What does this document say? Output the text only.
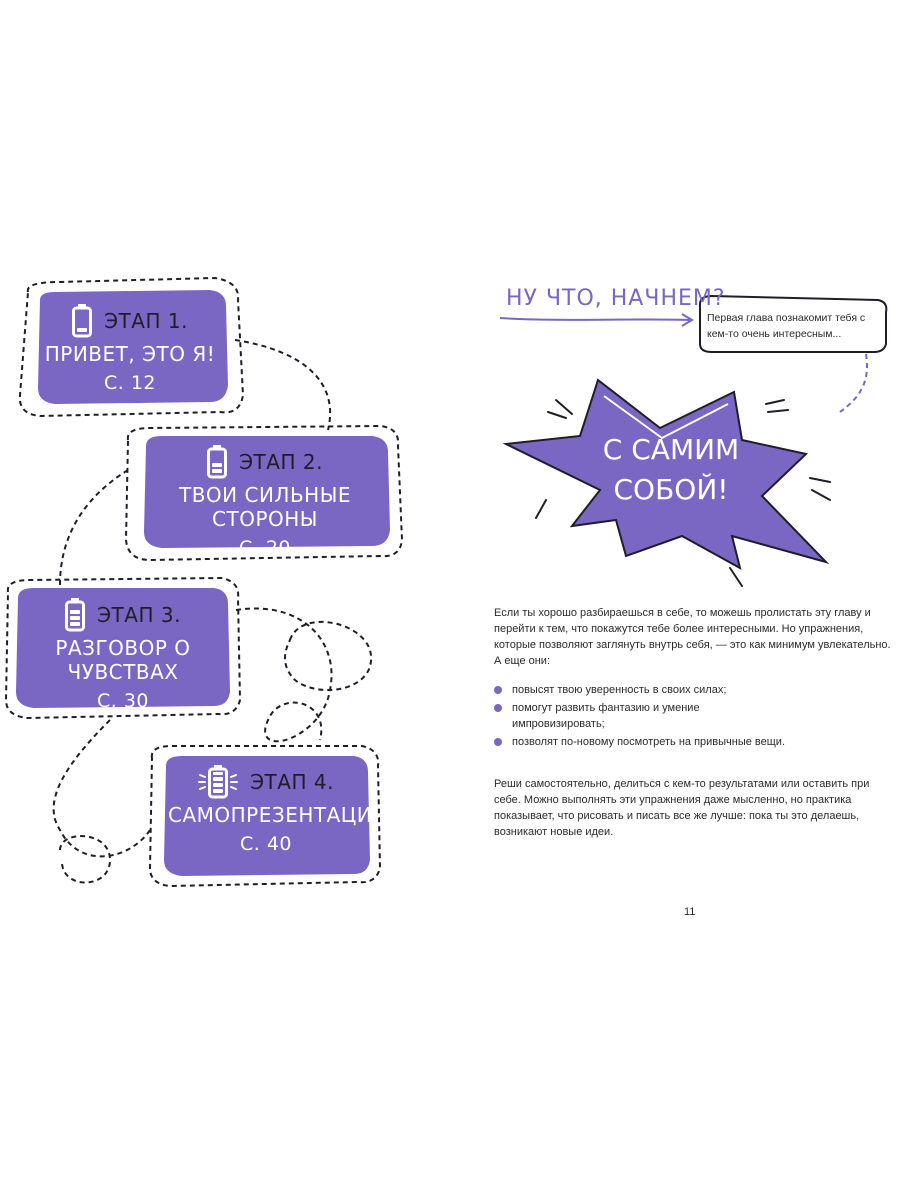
ЭТАП 1.
ПРИВЕТ, ЭТО Я!
С. 12
ЭТАП 2.
ТВОИ СИЛЬНЫЕ СТОРОНЫ
С. 20
ЭТАП 3.
РАЗГОВОР О ЧУВСТВАХ
С. 30
ЭТАП 4.
САМОПРЕЗЕНТАЦИЯ
С. 40
НУ ЧТО, НАЧНЕМ?
Первая глава познакомит тебя с кем-то очень интересным...
С САМИМ
СОБОЙ!
Если ты хорошо разбираешься в себе, то можешь пролистать эту главу и перейти к тем, что покажутся тебе более интересными. Но упражнения, которые позволяют заглянуть внутрь себя, — это как минимум увлекательно.
А еще они:
повысят твою уверенность в своих силах;
помогут развить фантазию и умение импровизировать;
позволят по-новому посмотреть на привычные вещи.
Реши самостоятельно, делиться с кем-то результатами или оставить при себе. Можно выполнять эти упражнения даже мысленно, но практика показывает, что рисовать и писать все же лучше: пока ты это делаешь, возникают новые идеи.
11
